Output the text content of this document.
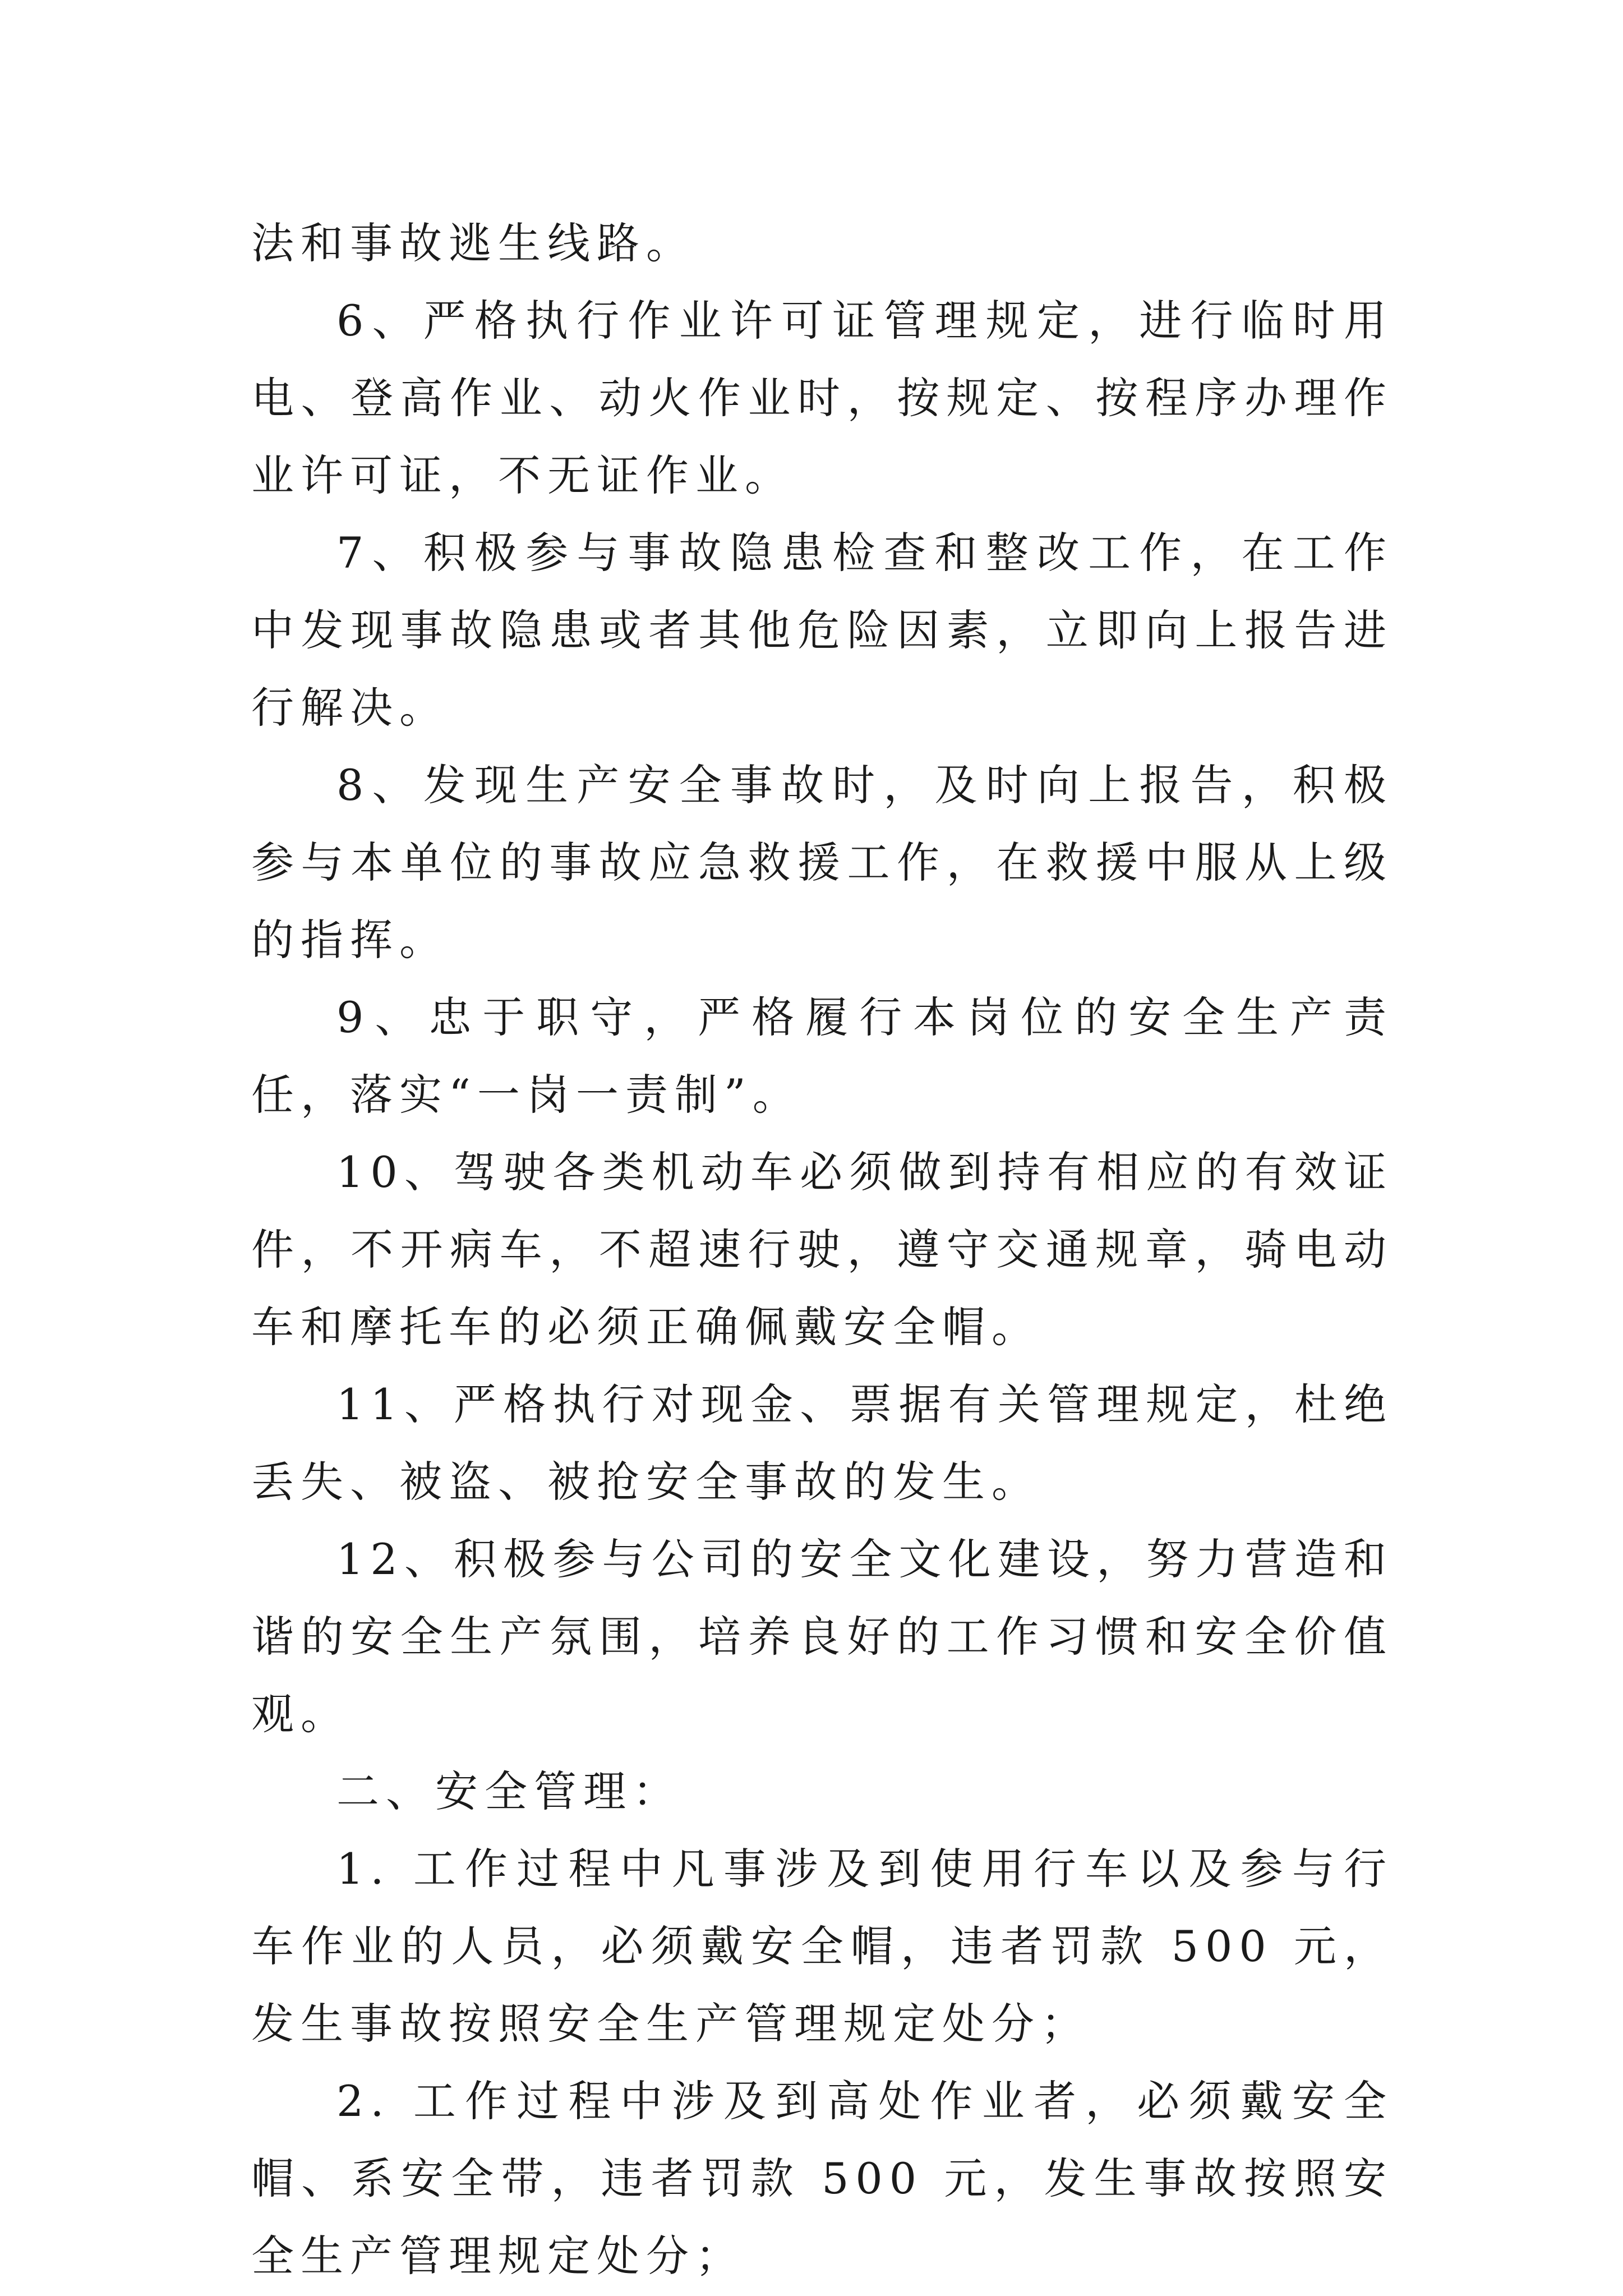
法和事故逃生线路。

6、严格执行作业许可证管理规定，进行临时用电、登高作业、动火作业时，按规定、按程序办理作业许可证，不无证作业。

7、积极参与事故隐患检查和整改工作，在工作中发现事故隐患或者其他危险因素，立即向上报告进行解决。

8、发现生产安全事故时，及时向上报告，积极参与本单位的事故应急救援工作，在救援中服从上级的指挥。

9、忠于职守，严格履行本岗位的安全生产责任，落实“一岗一责制”。

10、驾驶各类机动车必须做到持有相应的有效证件，不开病车，不超速行驶，遵守交通规章，骑电动车和摩托车的必须正确佩戴安全帽。

11、严格执行对现金、票据有关管理规定，杜绝丢失、被盗、被抢安全事故的发生。

12、积极参与公司的安全文化建设，努力营造和谐的安全生产氛围，培养良好的工作习惯和安全价值观。

二、安全管理：

1. 工作过程中凡事涉及到使用行车以及参与行车作业的人员，必须戴安全帽，违者罚款 500 元，发生事故按照安全生产管理规定处分；

2. 工作过程中涉及到高处作业者，必须戴安全帽、系安全带，违者罚款 500 元，发生事故按照安全生产管理规定处分；
